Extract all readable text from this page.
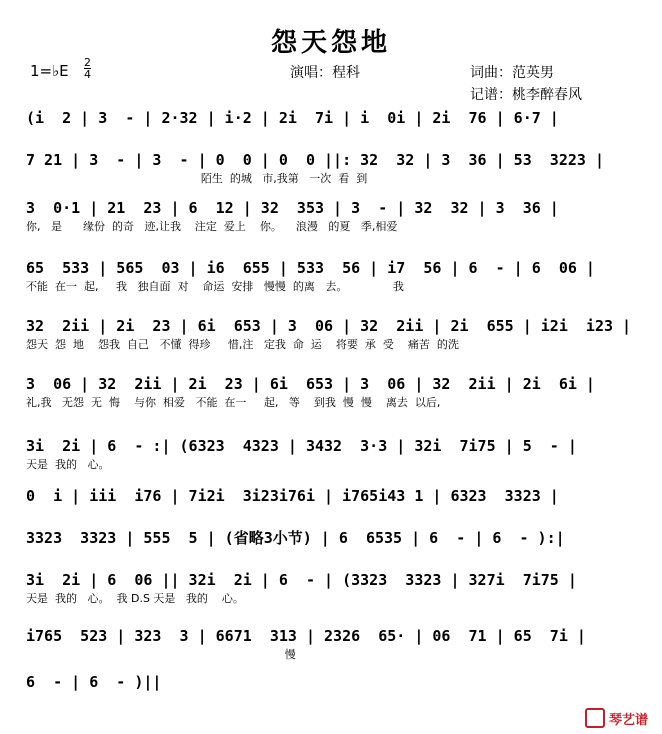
怨天怨地
1=♭E 2
4	演唱：程科	词曲：范英男
记谱：桃李醉春风
(i  2 | 3  - | 2·32 | i·2 | 2i  7i | i  0i | 2i  76 | 6·7 |
7 21 | 3  - | 3  - | 0  0 | 0  0 ||: 32  32 | 3  36 | 53  3223 |
陌生  的城   市,我第   一次  看  到
3  0·1 | 21  23 | 6  12 | 32  353 | 3  - | 32  32 | 3  36 |
你,   是      缘份  的奇   迹,让我    注定  爱上    你。    浪漫   的夏   季,相爱
65  533 | 565  03 | i6  655 | 533  56 | i7  56 | 6  - | 6  06 |
不能  在一  起,     我   独自面  对    命运  安排   慢慢  的离   去。             我
32  2ii | 2i  23 | 6i  653 | 3  06 | 32  2ii | 2i  655 | i2i  i23 |
怨天  怨  地    怨我  自己   不懂  得珍     惜,注   定我  命  运    将要  承  受    痛苦  的洗
3  06 | 32  2ii | 2i  23 | 6i  653 | 3  06 | 32  2ii | 2i  6i |
礼,我   无怨  无  悔    与你  相爱   不能  在一     起,   等    到我  慢  慢    离去  以后,
3i  2i | 6  - :| (6323  4323 | 3432  3·3 | 32i  7i75 | 5  - |
天是  我的   心。
0  i | iii  i76 | 7i2i  3i23i76i | i765i43 1 | 6323  3323 |
3323  3323 | 555  5 | (省略3小节) | 6  6535 | 6  - | 6  - ):|
3i  2i | 6  06 || 32i  2i | 6  - | (3323  3323 | 327i  7i75 |
天是  我的   心。  我 D.S 天是   我的    心。
i765  523 | 323  3 | 6671  313 | 2326  65· | 06  71 | 65  7i |
慢
6  - | 6  - )||
琴艺谱
